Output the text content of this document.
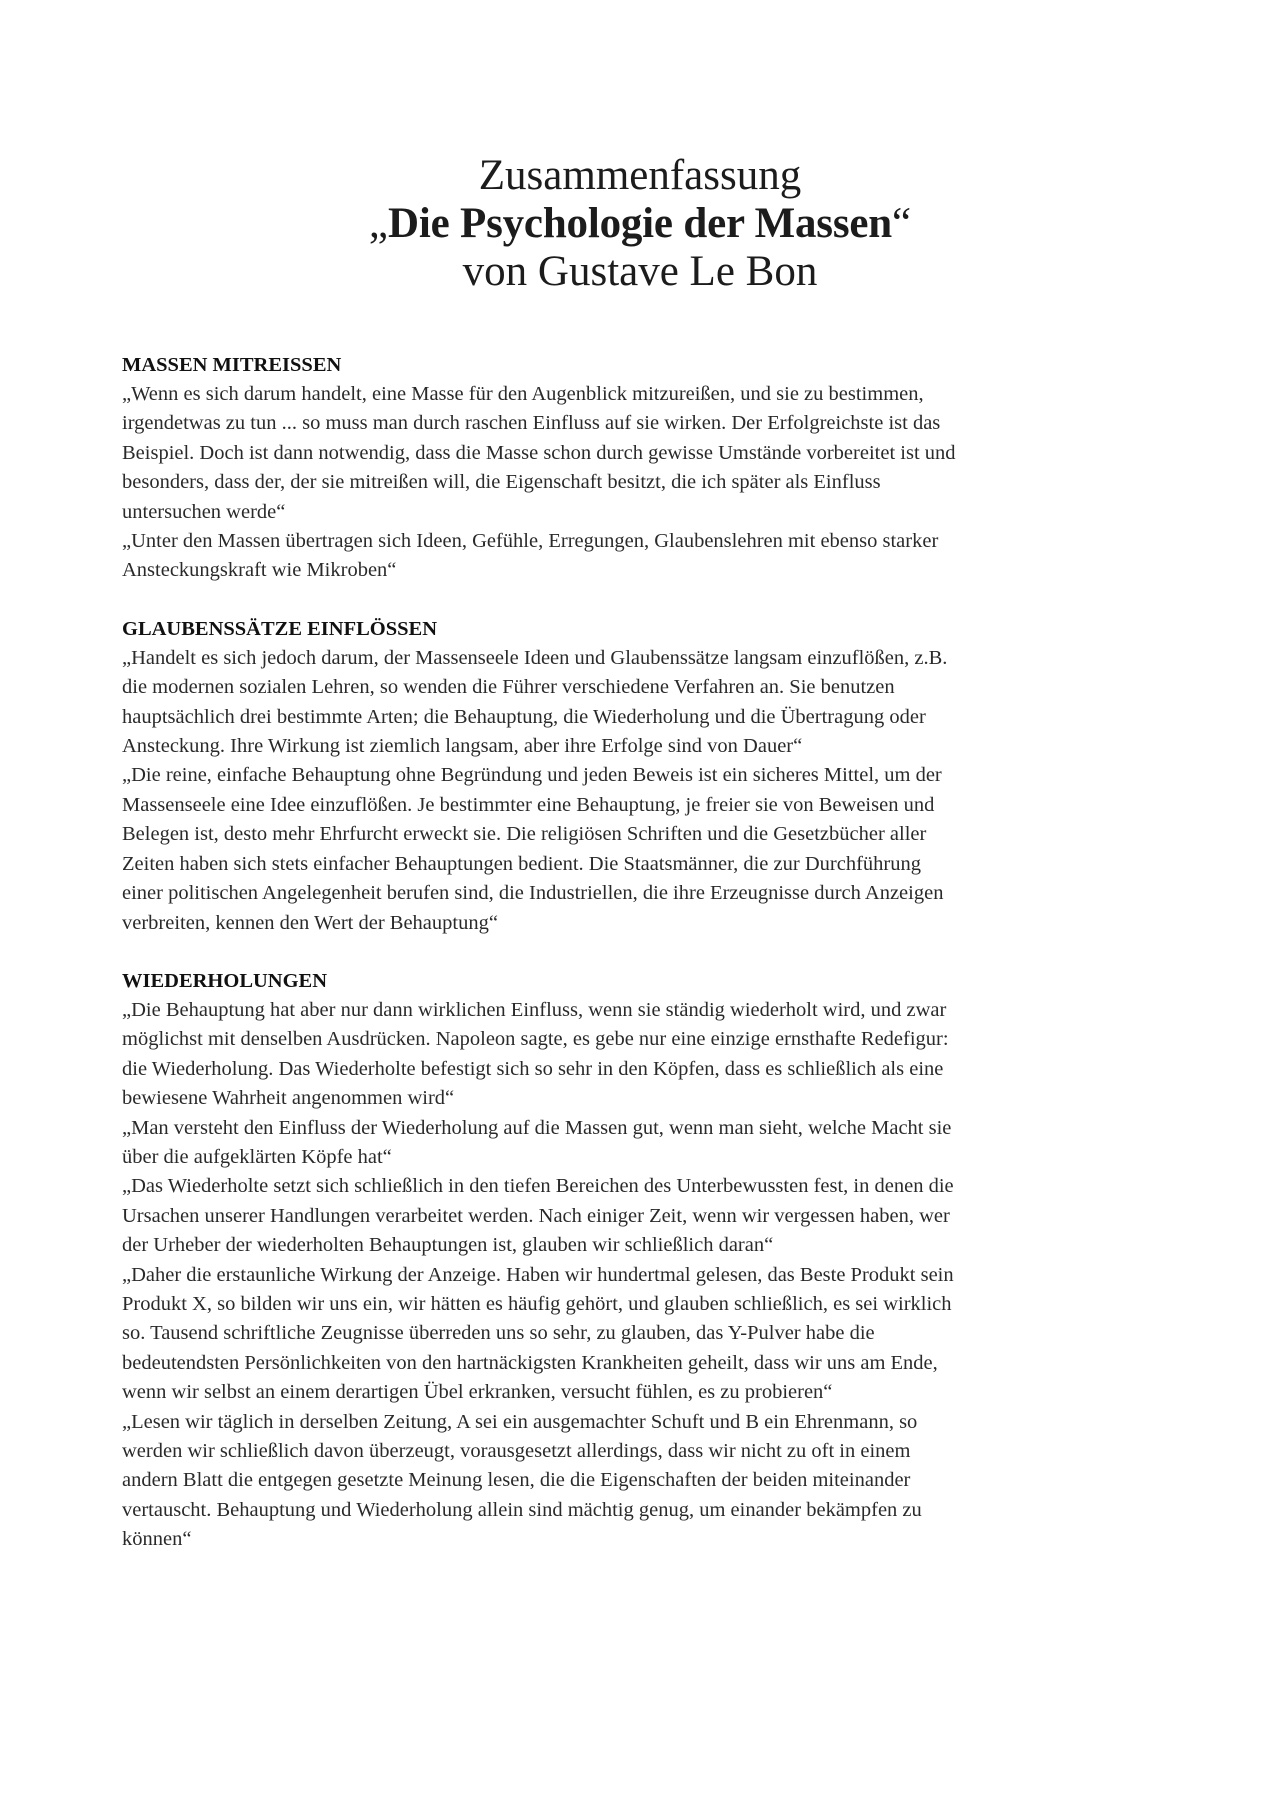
Zusammenfassung
„Die Psychologie der Massen“
von Gustave Le Bon

MASSEN MITREISSEN

„Wenn es sich darum handelt, eine Masse für den Augenblick mitzureißen, und sie zu bestimmen, irgendetwas zu tun ... so muss man durch raschen Einfluss auf sie wirken. Der Erfolgreichste ist das Beispiel. Doch ist dann notwendig, dass die Masse schon durch gewisse Umstände vorbereitet ist und besonders, dass der, der sie mitreißen will, die Eigenschaft besitzt, die ich später als Einfluss untersuchen werde“

„Unter den Massen übertragen sich Ideen, Gefühle, Erregungen, Glaubenslehren mit ebenso starker Ansteckungskraft wie Mikroben“

GLAUBENSSÄTZE EINFLÖSSEN

„Handelt es sich jedoch darum, der Massenseele Ideen und Glaubenssätze langsam einzuflößen, z.B. die modernen sozialen Lehren, so wenden die Führer verschiedene Verfahren an. Sie benutzen hauptsächlich drei bestimmte Arten; die Behauptung, die Wiederholung und die Übertragung oder Ansteckung. Ihre Wirkung ist ziemlich langsam, aber ihre Erfolge sind von Dauer“

„Die reine, einfache Behauptung ohne Begründung und jeden Beweis ist ein sicheres Mittel, um der Massenseele eine Idee einzuflößen. Je bestimmter eine Behauptung, je freier sie von Beweisen und Belegen ist, desto mehr Ehrfurcht erweckt sie. Die religiösen Schriften und die Gesetzbücher aller Zeiten haben sich stets einfacher Behauptungen bedient. Die Staatsmänner, die zur Durchführung einer politischen Angelegenheit berufen sind, die Industriellen, die ihre Erzeugnisse durch Anzeigen verbreiten, kennen den Wert der Behauptung“

WIEDERHOLUNGEN

„Die Behauptung hat aber nur dann wirklichen Einfluss, wenn sie ständig wiederholt wird, und zwar möglichst mit denselben Ausdrücken. Napoleon sagte, es gebe nur eine einzige ernsthafte Redefigur: die Wiederholung. Das Wiederholte befestigt sich so sehr in den Köpfen, dass es schließlich als eine bewiesene Wahrheit angenommen wird“

„Man versteht den Einfluss der Wiederholung auf die Massen gut, wenn man sieht, welche Macht sie über die aufgeklärten Köpfe hat“

„Das Wiederholte setzt sich schließlich in den tiefen Bereichen des Unterbewussten fest, in denen die Ursachen unserer Handlungen verarbeitet werden. Nach einiger Zeit, wenn wir vergessen haben, wer der Urheber der wiederholten Behauptungen ist, glauben wir schließlich daran“

„Daher die erstaunliche Wirkung der Anzeige. Haben wir hundertmal gelesen, das Beste Produkt sein Produkt X, so bilden wir uns ein, wir hätten es häufig gehört, und glauben schließlich, es sei wirklich so. Tausend schriftliche Zeugnisse überreden uns so sehr, zu glauben, das Y-Pulver habe die bedeutendsten Persönlichkeiten von den hartnäckigsten Krankheiten geheilt, dass wir uns am Ende, wenn wir selbst an einem derartigen Übel erkranken, versucht fühlen, es zu probieren“

„Lesen wir täglich in derselben Zeitung, A sei ein ausgemachter Schuft und B ein Ehrenmann, so werden wir schließlich davon überzeugt, vorausgesetzt allerdings, dass wir nicht zu oft in einem andern Blatt die entgegen gesetzte Meinung lesen, die die Eigenschaften der beiden miteinander vertauscht. Behauptung und Wiederholung allein sind mächtig genug, um einander bekämpfen zu können“
